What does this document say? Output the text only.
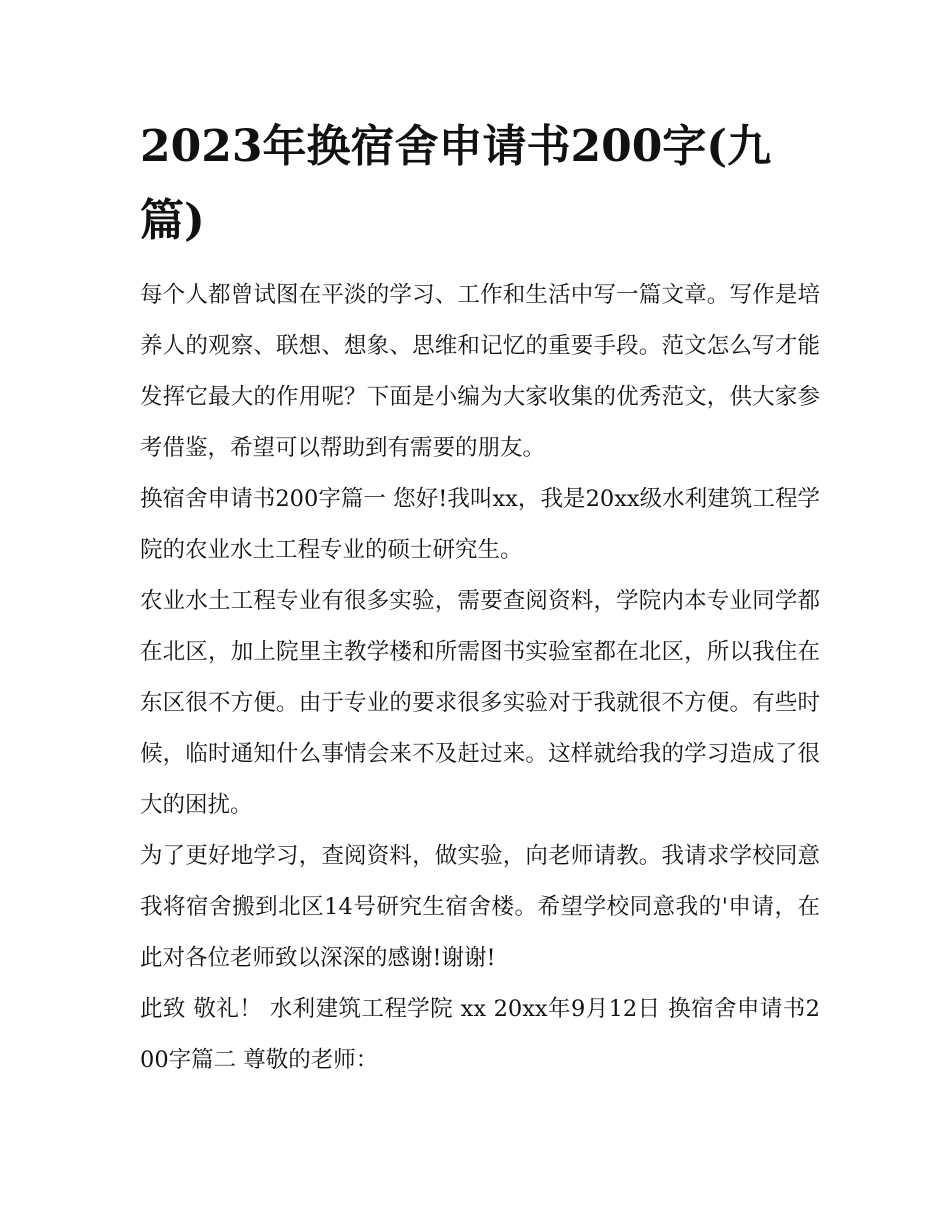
2023年换宿舍申请书200字(九篇)

每个人都曾试图在平淡的学习、工作和生活中写一篇文章。写作是培养人的观察、联想、想象、思维和记忆的重要手段。范文怎么写才能发挥它最大的作用呢？下面是小编为大家收集的优秀范文，供大家参考借鉴，希望可以帮助到有需要的朋友。

换宿舍申请书200字篇一 您好!我叫xx，我是20xx级水利建筑工程学院的农业水土工程专业的硕士研究生。

农业水土工程专业有很多实验，需要查阅资料，学院内本专业同学都在北区，加上院里主教学楼和所需图书实验室都在北区，所以我住在东区很不方便。由于专业的要求很多实验对于我就很不方便。有些时候，临时通知什么事情会来不及赶过来。这样就给我的学习造成了很大的困扰。

为了更好地学习，查阅资料，做实验，向老师请教。我请求学校同意我将宿舍搬到北区14号研究生宿舍楼。希望学校同意我的'申请，在此对各位老师致以深深的感谢!谢谢!

此致 敬礼！ 水利建筑工程学院 xx 20xx年9月12日 换宿舍申请书200字篇二 尊敬的老师：
